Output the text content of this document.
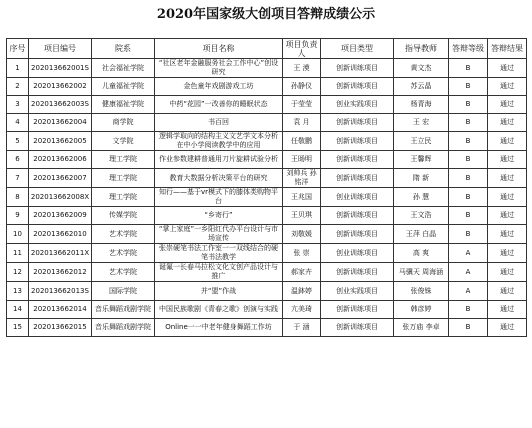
2020年国家级大创项目答辩成绩公示
序号	项目编号	院系	项目名称	项目负责人	项目类型	指导教师	答辩等级	答辩结果
1	202013662001S	社会福祉学院	“社区老年金融服务社会工作中心”创设研究	王 漠	创新训练项目	黄文杰	B	通过
2	202013662002	儿童福祉学院	金色童年戏剧游戏工坊	孙静仪	创新训练项目	苏云晶	B	通过
3	202013662003S	健康福祉学院	中药“花园”一改善你的睡眠状态	于莹莹	创业实践项目	杨青海	B	通过
4	202013662004	商学院	书百回	袁 月	创新训练项目	王 宏	B	通过
5	202013662005	文学院	逻辑学取向的结构主义文艺学文本分析在中小学阅读教学中的应用	任敬鹏	创新训练项目	王立民	B	通过
6	202013662006	理工学院	作业参数建耕普通用刀片旋耕试验分析	王旸明	创新训练项目	王馨辉	B	通过
7	202013662007	理工学院	教育大数据分析决策平台的研究	刘帅兵 孙铭洋	创新训练项目	隋 新	B	通过
8	202013662008X	理工学院	知行——基于vr模式下的膝体类购物平台	王兆国	创业训练项目	孙 慧	B	通过
9	202013662009	传媒学院	“乡寄行”	王贝琪	创新训练项目	王文浩	B	通过
10	202013662010	艺术学院	“掌上家庭”一乡阳红代办平台设计与市场宣传	刘敬媛	创新训练项目	王萍 白晶	B	通过
11	202013662011X	艺术学院	张崇硬笔书法工作室一一双线结合的硬笔书法教学	张 崇	创业训练项目	高 爽	A	通过
12	202013662012	艺术学院	诞氟一长春马拉松文化文创产品设计与推广	郝家卉	创新训练项目	马骥天 周海涵	A	通过
13	202013662013S	国际学院	并“盟”作战	温鉢婷	创业实践项目	张俊铢	A	通过
14	202013662014	音乐舞蹈戏剧学院	中国民族歌剧《青春之歌》创演与实践	亢美琦	创新训练项目	韩彦婷	B	通过
15	202013662015	音乐舞蹈戏剧学院	Online一一中老年健身舞蹈工作坊	于 涵	创新训练项目	张万庙 李卓	B	通过
